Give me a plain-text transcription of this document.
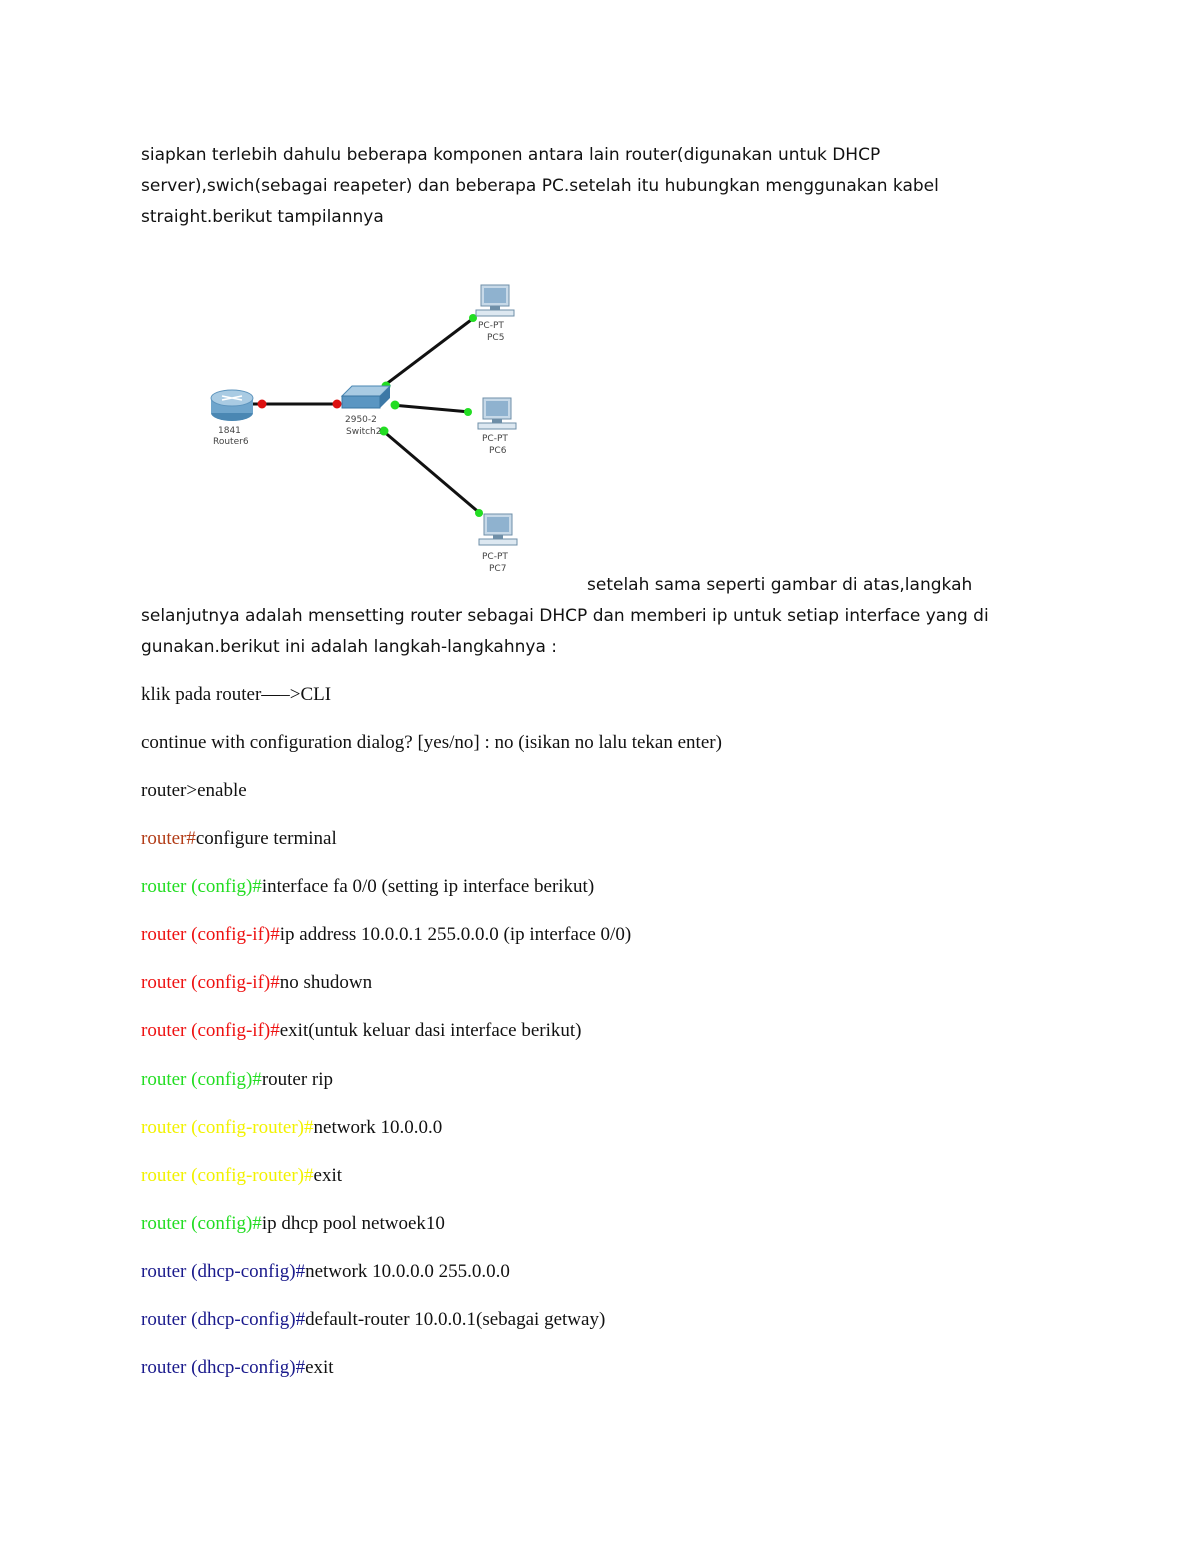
siapkan terlebih dahulu beberapa komponen antara lain router(digunakan untuk DHCP
server),swich(sebagai reapeter) dan beberapa PC.setelah itu hubungkan menggunakan kabel
straight.berikut tampilannya
1841
Router6
2950-2
Switch2
PC-PT
PC5
PC-PT
PC6
PC-PT
PC7
setelah sama seperti gambar di atas,langkah
selanjutnya adalah mensetting router sebagai DHCP dan memberi ip untuk setiap interface yang di
gunakan.berikut ini adalah langkah-langkahnya :
klik pada router—–>CLI
continue with configuration dialog? [yes/no] : no (isikan no lalu tekan enter)
router>enable
router#configure terminal
router (config)#interface fa 0/0 (setting ip interface berikut)
router (config-if)#ip address 10.0.0.1 255.0.0.0 (ip interface 0/0)
router (config-if)#no shudown
router (config-if)#exit(untuk keluar dasi interface berikut)
router (config)#router rip
router (config-router)#network 10.0.0.0
router (config-router)#exit
router (config)#ip dhcp pool netwoek10
router (dhcp-config)#network 10.0.0.0 255.0.0.0
router (dhcp-config)#default-router 10.0.0.1(sebagai getway)
router (dhcp-config)#exit
